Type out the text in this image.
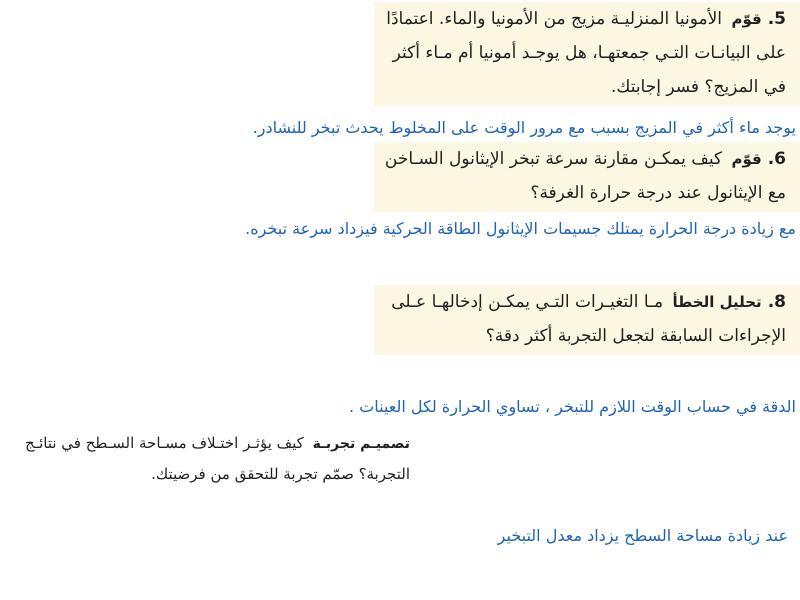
5.قوّم الأمونيا المنزليـة مزيج من الأمونيا والماء. اعتمادًا على البيانـات التـي جمعتهـا، هل يوجـد أمونيا أم مـاء أكثر في المزيج؟ فسر إجابتك.
يوجد ماء أكثر في المزيج بسبب مع مرور الوقت على المخلوط يحدث تبخر للنشادر.
6.قوّم كيف يمكـن مقارنة سرعة تبخر الإيثانول السـاخن مع الإيثانول عند درجة حرارة الغرفة؟
مع زيادة درجة الحرارة يمتلك جسيمات الإيثانول الطاقة الحركية فيزداد سرعة تبخره.
8.تحليل الخطأ مـا التغيـرات التـي يمكـن إدخالهـا عـلى الإجراءات السابقة لتجعل التجربة أكثر دقة؟
الدقة في حساب الوقت اللازم للتبخر ، تساوي الحرارة لكل العينات .
تصميـم تجربـة كيف يؤثـر اختـلاف مسـاحة السـطح في نتائـج التجربة؟ صمّم تجربة للتحقق من فرضيتك.
عند زيادة مساحة السطح يزداد معدل التبخير
